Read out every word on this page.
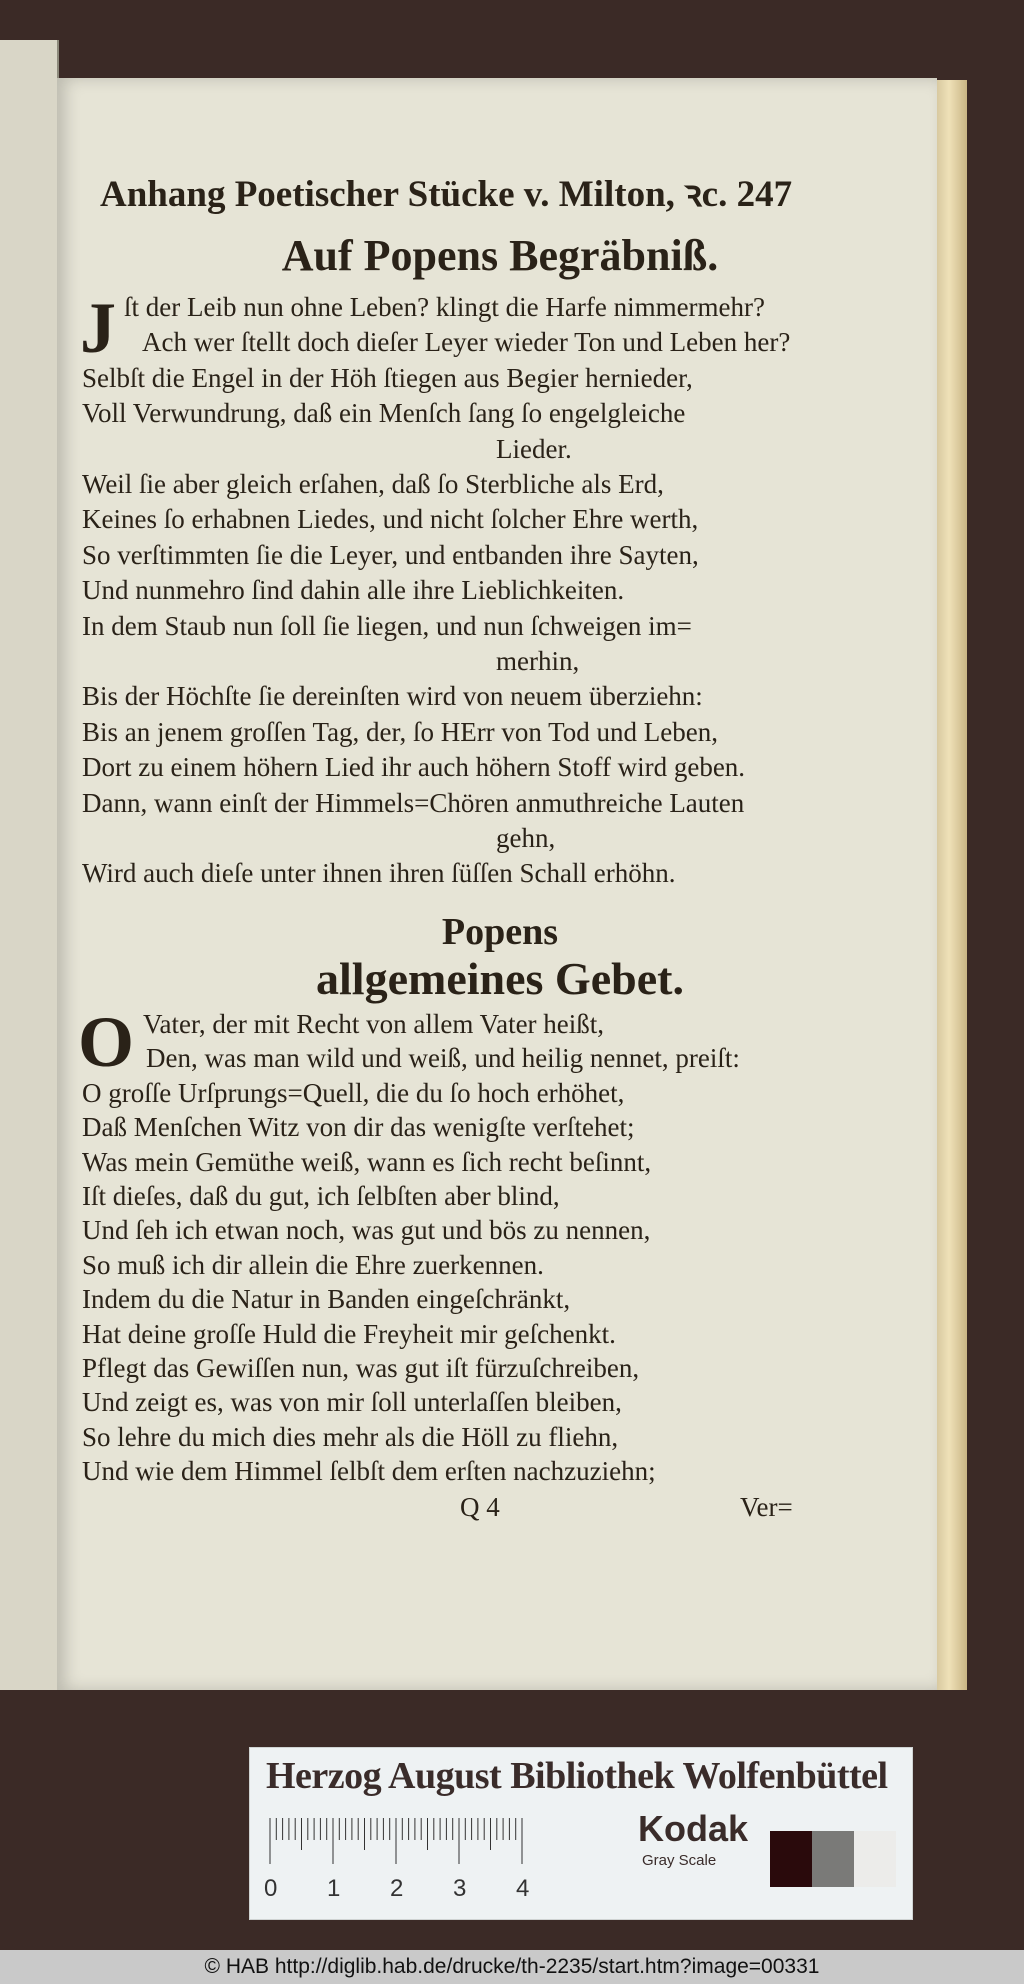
Anhang Poetischer Stücke v. Milton, ꝛc. 247
Auf Popens Begräbniß.
J ſt der Leib nun ohne Leben? klingt die Harfe nimmermehr?
Ach wer ſtellt doch dieſer Leyer wieder Ton und Leben her?
Selbſt die Engel in der Höh ſtiegen aus Begier hernieder,
Voll Verwundrung, daß ein Menſch ſang ſo engelgleiche
Lieder.
Weil ſie aber gleich erſahen, daß ſo Sterbliche als Erd,
Keines ſo erhabnen Liedes, und nicht ſolcher Ehre werth,
So verſtimmten ſie die Leyer, und entbanden ihre Sayten,
Und nunmehro ſind dahin alle ihre Lieblichkeiten.
In dem Staub nun ſoll ſie liegen, und nun ſchweigen im=
merhin,
Bis der Höchſte ſie dereinſten wird von neuem überziehn:
Bis an jenem groſſen Tag, der, ſo HErr von Tod und Leben,
Dort zu einem höhern Lied ihr auch höhern Stoff wird geben.
Dann, wann einſt der Himmels=Chören anmuthreiche Lauten
gehn,
Wird auch dieſe unter ihnen ihren ſüſſen Schall erhöhn.
Popens
allgemeines Gebet.
O Vater, der mit Recht von allem Vater heißt,
Den, was man wild und weiß, und heilig nennet, preiſt:
O groſſe Urſprungs=Quell, die du ſo hoch erhöhet,
Daß Menſchen Witz von dir das wenigſte verſtehet;
Was mein Gemüthe weiß, wann es ſich recht beſinnt,
Iſt dieſes, daß du gut, ich ſelbſten aber blind,
Und ſeh ich etwan noch, was gut und bös zu nennen,
So muß ich dir allein die Ehre zuerkennen.
Indem du die Natur in Banden eingeſchränkt,
Hat deine groſſe Huld die Freyheit mir geſchenkt.
Pflegt das Gewiſſen nun, was gut iſt fürzuſchreiben,
Und zeigt es, was von mir ſoll unterlaſſen bleiben,
So lehre du mich dies mehr als die Höll zu fliehn,
Und wie dem Himmel ſelbſt dem erſten nachzuziehn;
Q 4	Ver=
Herzog August Bibliothek Wolfenbüttel
0 1 2 3 4
Kodak
Gray Scale
© HAB http://diglib.hab.de/drucke/th-2235/start.htm?image=00331
